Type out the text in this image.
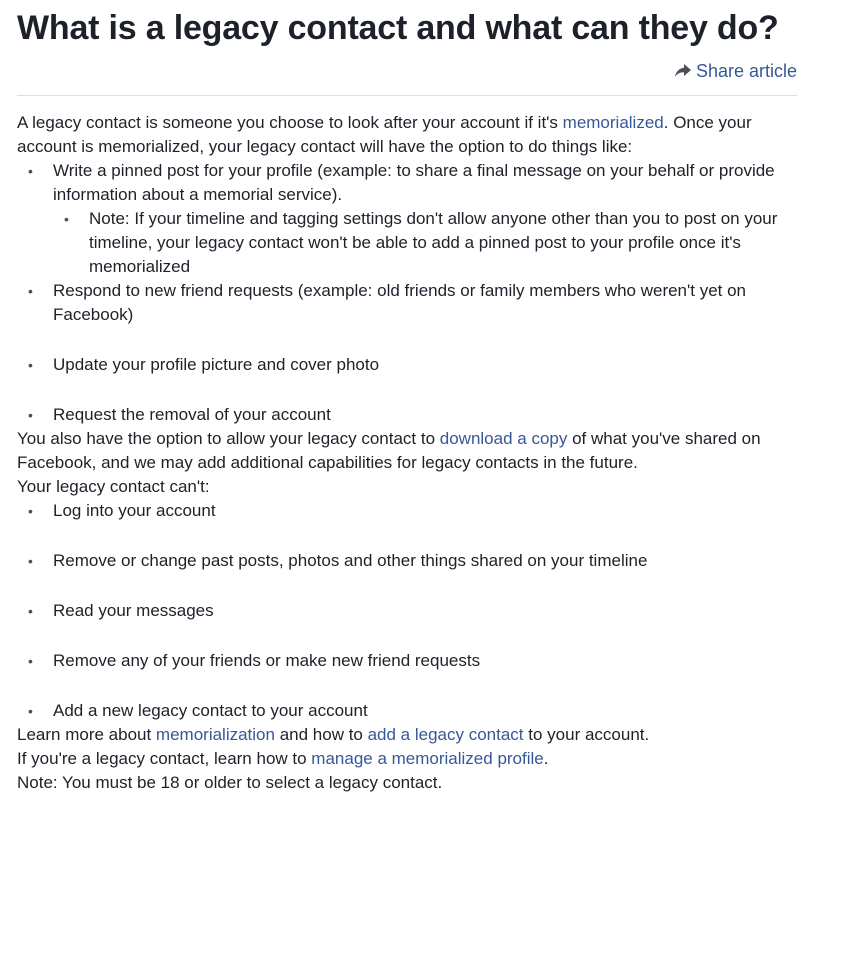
What is a legacy contact and what can they do?
Share article

A legacy contact is someone you choose to look after your account if it's memorialized. Once your account is memorialized, your legacy contact will have the option to do things like:

• Write a pinned post for your profile (example: to share a final message on your behalf or provide information about a memorial service).
• Note: If your timeline and tagging settings don't allow anyone other than you to post on your timeline, your legacy contact won't be able to add a pinned post to your profile once it's memorialized
• Respond to new friend requests (example: old friends or family members who weren't yet on Facebook)
• Update your profile picture and cover photo
• Request the removal of your account

You also have the option to allow your legacy contact to download a copy of what you've shared on Facebook, and we may add additional capabilities for legacy contacts in the future.

Your legacy contact can't:

• Log into your account
• Remove or change past posts, photos and other things shared on your timeline
• Read your messages
• Remove any of your friends or make new friend requests
• Add a new legacy contact to your account

Learn more about memorialization and how to add a legacy contact to your account.

If you're a legacy contact, learn how to manage a memorialized profile.

Note: You must be 18 or older to select a legacy contact.
